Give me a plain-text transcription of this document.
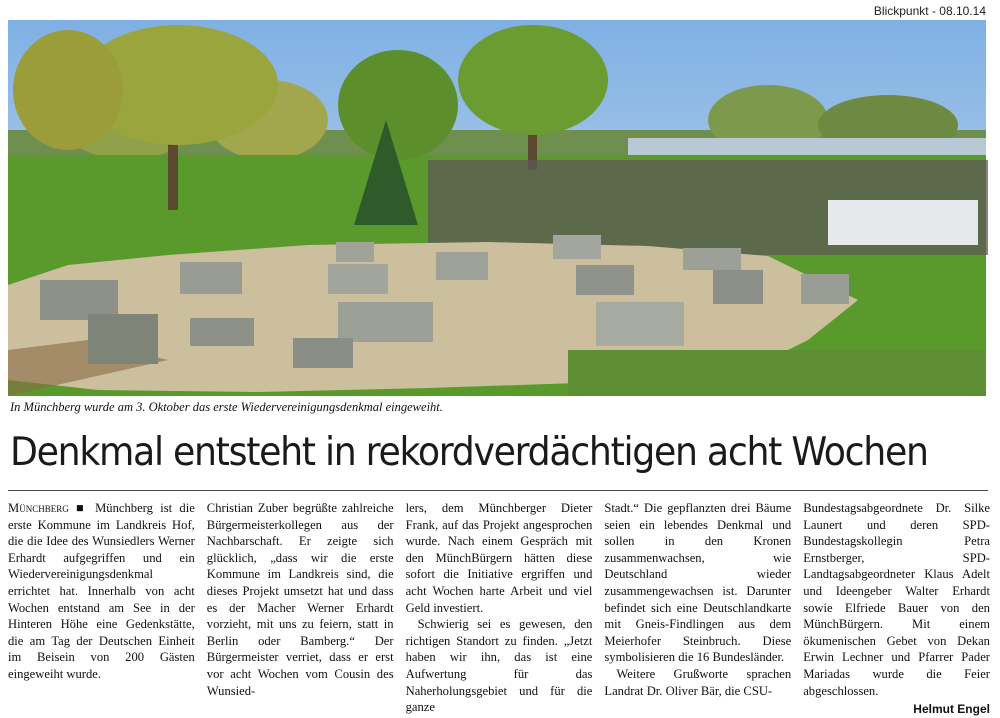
Blickpunkt - 08.10.14
In Münchberg wurde am 3. Oktober das erste Wiedervereinigungsdenkmal eingeweiht.
Denkmal entsteht in rekordverdächtigen acht Wochen

Münchberg ■ Münchberg ist die erste Kommune im Landkreis Hof, die die Idee des Wunsiedlers Werner Erhardt aufgegriffen und ein Wiedervereinigungsdenkmal errichtet hat. Innerhalb von acht Wochen entstand am See in der Hinteren Höhe eine Gedenkstätte, die am Tag der Deutschen Einheit im Beisein von 200 Gästen eingeweiht wurde.

Christian Zuber begrüßte zahlreiche Bürgermeisterkollegen aus der Nachbarschaft. Er zeigte sich glücklich, „dass wir die erste Kommune im Landkreis sind, die dieses Projekt umsetzt hat und dass es der Macher Werner Erhardt vorzieht, mit uns zu feiern, statt in Berlin oder Bamberg.“ Der Bürgermeister verriet, dass er erst vor acht Wochen vom Cousin des Wunsied-

lers, dem Münchberger Dieter Frank, auf das Projekt angesprochen wurde. Nach einem Gespräch mit den MünchBürgern hätten diese sofort die Initiative ergriffen und acht Wochen harte Arbeit und viel Geld investiert.

Schwierig sei es gewesen, den richtigen Standort zu finden. „Jetzt haben wir ihn, das ist eine Aufwertung für das Naherholungsgebiet und für die ganze

Stadt.“ Die gepflanzten drei Bäume seien ein lebendes Denkmal und sollen in den Kronen zusammenwachsen, wie Deutschland wieder zusammengewachsen ist. Darunter befindet sich eine Deutschlandkarte mit Gneis-Findlingen aus dem Meierhofer Steinbruch. Diese symbolisieren die 16 Bundesländer.

Weitere Grußworte sprachen Landrat Dr. Oliver Bär, die CSU-

Bundestagsabgeordnete Dr. Silke Launert und deren SPD-Bundestagskollegin Petra Ernstberger, SPD-Landtagsabgeordneter Klaus Adelt und Ideengeber Walter Erhardt sowie Elfriede Bauer von den MünchBürgern. Mit einem ökumenischen Gebet von Dekan Erwin Lechner und Pfarrer Pader Mariadas wurde die Feier abgeschlossen.

Helmut Engel
